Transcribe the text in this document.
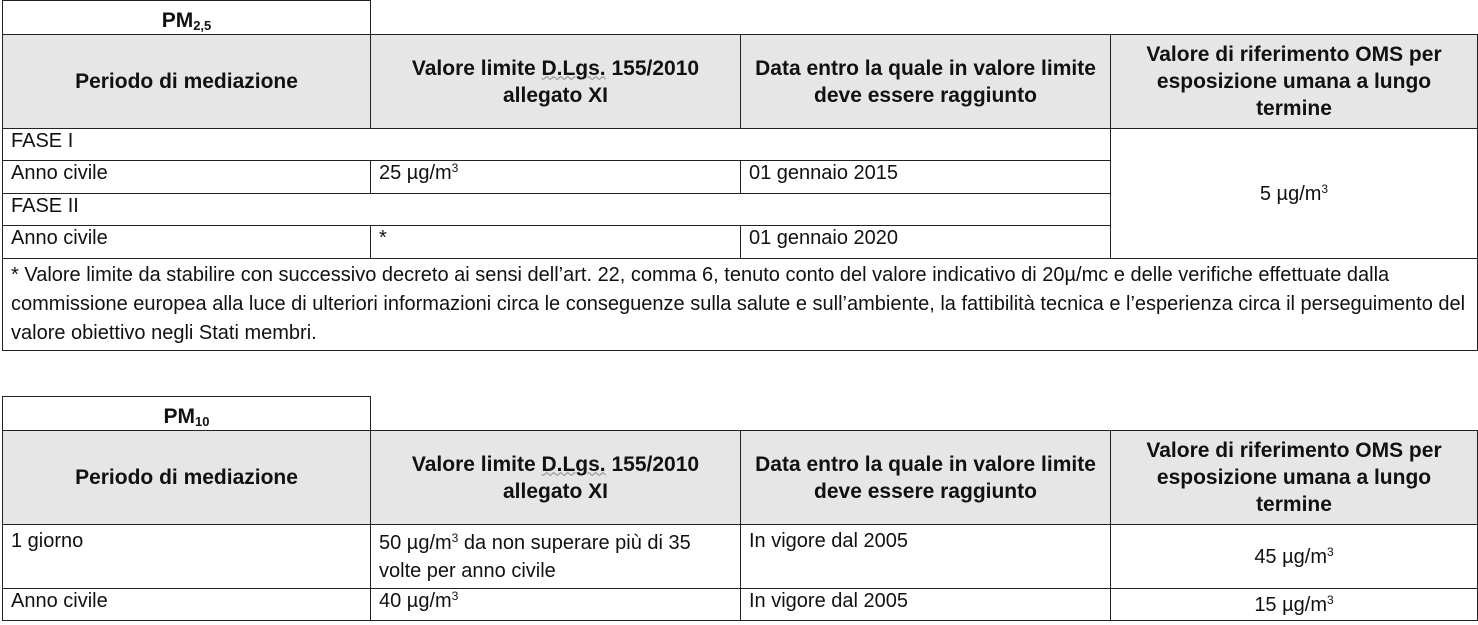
$PM_{2,5}$	
Periodo di mediazione	Valore limite D.Lgs. 155/2010 allegato XI	Data entro la quale in valore limite deve essere raggiunto	Valore di riferimento OMS per esposizione umana a lungo termine
FASE I			5 $\mu g/m^3$
Anno civile	25 $\mu g/m^3$	01 gennaio 2015	
FASE II			
Anno civile	*	01 gennaio 2020	
* Valore limite da stabilire con successivo decreto ai sensi dell’art. 22, comma 6, tenuto conto del valore indicativo di 20µ/mc e delle verifiche effettuate dalla commissione europea alla luce di ulteriori informazioni circa le conseguenze sulla salute e sull’ambiente, la fattibilità tecnica e l’esperienza circa il perseguimento del valore obiettivo negli Stati membri.			
$PM_{10}$	
Periodo di mediazione	Valore limite D.Lgs. 155/2010 allegato XI	Data entro la quale in valore limite deve essere raggiunto	Valore di riferimento OMS per esposizione umana a lungo termine
1 giorno	50 $\mu g/m^3$ da non superare più di 35 volte per anno civile	In vigore dal 2005	45 $\mu g/m^3$
Anno civile	40 $\mu g/m^3$	In vigore dal 2005	15 $\mu g/m^3$
